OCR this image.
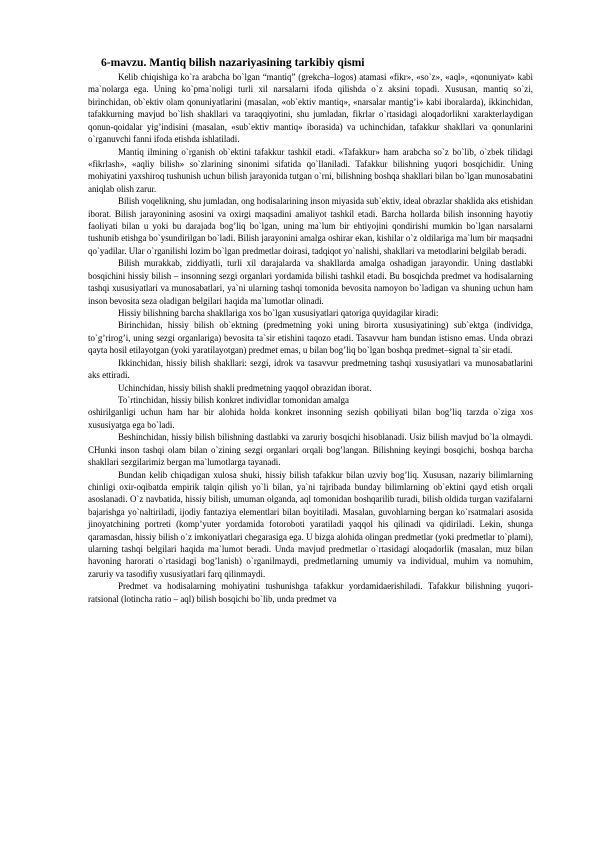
6-mavzu. Mantiq bilish nazariyasining tarkibiy qismi

Kelib chiqishiga ko`ra arabcha bo`lgan “mantiq” (grekcha–logos) atamasi «fikr», «so`z», «aql», «qonuniyat» kabi ma`nolarga ega. Uning ko`pma`noligi turli xil narsalarni ifoda qilishda o`z aksini topadi. Xususan, mantiq so`zi, birinchidan, ob`ektiv olam qonuniyatlarini (masalan, «ob`ektiv mantiq», «narsalar mantig’i» kabi iboralarda), ikkinchidan, tafakkurning mavjud bo`lish shakllari va taraqqiyotini, shu jumladan, fikrlar o`rtasidagi aloqadorlikni xarakterlaydigan qonun-qoidalar yig’indisini (masalan, «sub`ektiv mantiq» iborasida) va uchinchidan, tafakkur shakllari va qonunlarini o`rganuvchi fanni ifoda etishda ishlatiladi.

Mantiq ilmining o`rganish ob`ektini tafakkur tashkil etadi. «Tafakkur» ham arabcha so`z bo`lib, o`zbek tilidagi «fikrlash», «aqliy bilish» so`zlarining sinonimi sifatida qo`llaniladi. Tafakkur bilishning yuqori bosqichidir. Uning mohiyatini yaxshiroq tushunish uchun bilish jarayonida tutgan o`rni, bilishning boshqa shakllari bilan bo`lgan munosabatini aniqlab olish zarur.

Bilish voqelikning, shu jumladan, ong hodisalarining inson miyasida sub`ektiv, ideal obrazlar shaklida aks etishidan iborat. Bilish jarayonining asosini va oxirgi maqsadini amaliyot tashkil etadi. Barcha hollarda bilish insonning hayotiy faoliyati bilan u yoki bu darajada bog’liq bo`lgan, uning ma`lum bir ehtiyojini qondirishi mumkin bo`lgan narsalarni tushunib etishga bo`ysundirilgan bo`ladi. Bilish jarayonini amalga oshirar ekan, kishilar o`z oldilariga ma`lum bir maqsadni qo`yadilar. Ular o`rganilishi lozim bo`lgan predmetlar doirasi, tadqiqot yo`nalishi, shakllari va metodlarini belgilab beradi.

Bilish murakkab, ziddiyatli, turli xil darajalarda va shakllarda amalga oshadigan jarayondir. Uning dastlabki bosqichini hissiy bilish – insonning sezgi organlari yordamida bilishi tashkil etadi. Bu bosqichda predmet va hodisalarning tashqi xususiyatlari va munosabatlari, ya`ni ularning tashqi tomonida bevosita namoyon bo`ladigan va shuning uchun ham inson bevosita seza oladigan belgilari haqida ma`lumotlar olinadi.

Hissiy bilishning barcha shakllariga xos bo`lgan xususiyatlari qatoriga quyidagilar kiradi:

Birinchidan, hissiy bilish ob`ektning (predmetning yoki uning birorta xususiyatining) sub`ektga (individga, to`g’rirog’i, uning sezgi organlariga) bevosita ta`sir etishini taqozo etadi. Tasavvur ham bundan istisno emas. Unda obrazi qayta hosil etilayotgan (yoki yaratilayotgan) predmet emas, u bilan bog’liq bo`lgan boshqa predmet–signal ta`sir etadi.

Ikkinchidan, hissiy bilish shakllari: sezgi, idrok va tasavvur predmetning tashqi xususiyatlari va munosabatlarini aks ettiradi.

Uchinchidan, hissiy bilish shakli predmetning yaqqol obrazidan iborat.

To`rtinchidan, hissiy bilish konkret individlar tomonidan amalga

oshirilganligi uchun ham har bir alohida holda konkret insonning sezish qobiliyati bilan bog’liq tarzda o`ziga xos xususiyatga ega bo`ladi.

Beshinchidan, hissiy bilish bilishning dastlabki va zaruriy bosqichi hisoblanadi. Usiz bilish mavjud bo`la olmaydi. CHunki inson tashqi olam bilan o`zining sezgi organlari orqali bog’langan. Bilishning keyingi bosqichi, boshqa barcha shakllari sezgilarimiz bergan ma`lumotlarga tayanadi.

Bundan kelib chiqadigan xulosa shuki, hissiy bilish tafakkur bilan uzviy bog’liq. Xususan, nazariy bilimlarning chinligi oxir-oqibatda empirik talqin qilish yo`li bilan, ya`ni tajribada bunday bilimlarning ob`ektini qayd etish orqali asoslanadi. O`z navbatida, hissiy bilish, umuman olganda, aql tomonidan boshqarilib turadi, bilish oldida turgan vazifalarni bajarishga yo`naltiriladi, ijodiy fantaziya elementlari bilan boyitiladi. Masalan, guvohlarning bergan ko`rsatmalari asosida jinoyatchining portreti (komp’yuter yordamida fotoroboti yaratiladi yaqqol his qilinadi va qidiriladi. Lekin, shunga qaramasdan, hissiy bilish o`z imkoniyatlari chegarasiga ega. U bizga alohida olingan predmetlar (yoki predmetlar to`plami), ularning tashqi belgilari haqida ma`lumot beradi. Unda mavjud predmetlar o`rtasidagi aloqadorlik (masalan, muz bilan havoning harorati o`rtasidagi bog’lanish) o`rganilmaydi, predmetlarning umumiy va individual, muhim va nomuhim, zaruriy va tasodifiy xususiyatlari farq qilinmaydi.

Predmet va hodisalarning mohiyatini tushunishga tafakkur yordamidaerishiladi. Tafakkur bilishning yuqori-ratsional (lotincha ratio – aql) bilish bosqichi bo`lib, unda predmet va
